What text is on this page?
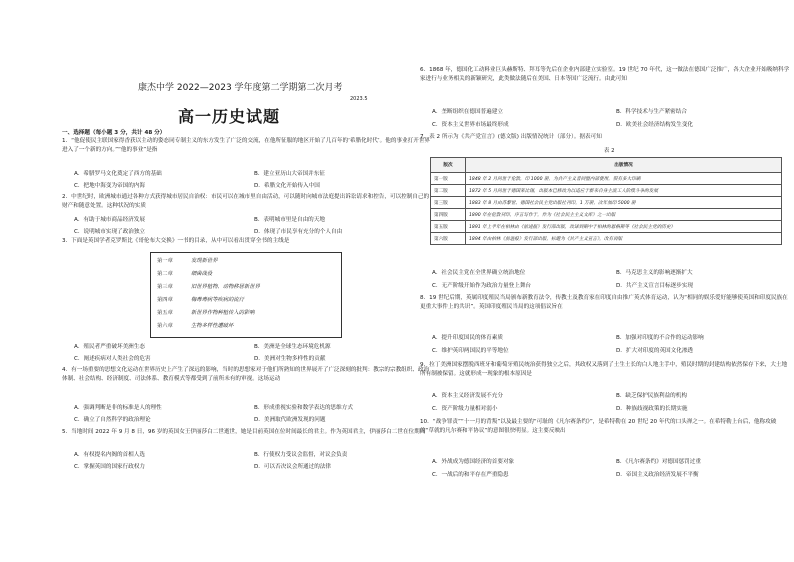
康杰中学 2022—2023 学年度第二学期第二次月考
高一历史试题
2023.5
一、选择题（每小题 3 分，共计 48 分）
1．“他促使民主联国家得香获以主动的姿态同专制主义的东方发生了广泛的交流，在他所征服的地区开始了几百年的‘希腊化时代’。他的事业打开世界进入了一个新的方向。”“他的事业”是指
A．希腊罗马文化奠定了西方的基础	B．建立亚历山大帝国并东征
C．把地中海变为帝国的内海	D．希腊文化开始传入中国
2．中世纪时，欧洲城市通过各种方式获得城市居民自治权：市民可以在城市里自由活动，可以随时向城市法庭提出诉讼请求和控告，可以控制自己的财产和随意处置。这种状况的实质
A．有助于城市商品经济发展	B．表明城市里是自由的天地
C．说明城市实现了政治独立	D．体现了市民享有充分的个人自由
3．下面是英国学者克罗斯比《哥伦布大交换》一书的目录，从中可以看出贯穿全书的主线是
第一章	发现新世界
第二章	细菌战役
第三章	旧世界植物、动物移居新世界
第四章	梅毒毒病等疾病的流行
第五章	新世界作物种植传入的影响
第六章	生物多样性遭破坏
A．殖民者严重破坏美洲生态	B．美洲是全球生态环境危机源
C．阐述疾病对人类社会的危害	D．美洲对生物多样性的贡献
4．有一场重要的思想文化运动在世界历史上产生了深远的影响，当时的思想家对于他们所熟知的世界展开了广泛深刻的批判：教宗的宗教组织、政治体制、社会结构、经济制度、司法体系、教育模式等都受到了前所未有的审视。这场运动
A．强调判断是非的标准是人的理性	B．形成重视实验和数学表达的思维方式
C．确立了自然科学的政治理论	D．美洲取代欧洲发现的问题
5．当地时间 2022 年 9 月 8 日，96 岁的英国女王伊丽莎白二世逝世，她是目前英国在位时间最长的君主。作为英国君主，伊丽莎白二世在位期间
A．有权提名内阁的首相人选	B．行使权力受议会监督，对议会负责
C．掌握英国的国家行政权力	D．可以否决议会所通过的法律
6．1868 年，德国化工动料业巨头赫斯特、拜耳等先后在企业内部建立实验室。19 世纪 70 年代，这一做法在德国广泛推广，各大企业开始吸纳科学家进行与业务相关的新颖研究，此类做法随后在美国、日本等国广泛流行。由此可知
A．垄断组织在德国普遍建立	B．科学技术与生产紧密结合
C．资本主义世界市场最终形成	D．欧美社会经济结构发生变化
7．表 2 所示为《共产党宣言》(德文版) 出版情况统计（部分）。据表可知
表 2
版次	出版情况
第一版	1848 年 2 月问世于伦敦，印 1000 册，为共产主义者同盟内部使用，很有多大印刷
第二版	1872 年 5 月问世于德国莱比锡，出版本已修改为以适应于新来自身主流工人阶级斗争的发展
第三版	1883 年 8 月由苏黎世、德国社会民主党出版社刊印，1 万册，次年加印 5000 册
第四版	1890 年在伦敦刊印，序言写作于，作为《社会民主主义文库》之一出版
第五版	1891 年上半年在柏林由《前进报》发行部出版，改译到期中于柏林的恩格斯等《社会民主党的历史》
第六版	1894 年由柏林《前进报》发行部出版，标题为《共产主义宣言》，改有再版
A．社会民主党在全世界确立统治地位	B．马克思主义的影响逐渐扩大
C．无产阶级开始作为政治力量登上舞台	D．共产主义宣言目标逐步实现
8．19 世纪后期，英属印度殖民当局颁布新教育法令，传教士及教育家在印度自由推广英式体育运动，认为“相同的娱乐爱好能够使英国和印度民族在更重大事件上的共识”。英国印度殖民当局的这项倡议旨在
A．提升印度国民的体育素质	B．加强对印度的不合作的运动影响
C．维护英印两国民的平等地位	D．扩大对印度的英国文化渗透
9．拉丁美洲国家摆脱西班牙和葡萄牙殖民统治获得独立之后，其政权又落到了土生土长的白人地主手中，殖民时期的封建结构依然保存下来，大土地所有制被保留。这就形成一现象的根本原因是
A．资本主义经济发展不充分	B．缺乏保护民族利益的机构
C．资产阶级力量相对弱小	D．种族歧视政策的长期实施
10．“战争罪责”“十一月的背叛”以及最主要的“可耻的《凡尔赛条约》”，是希特勒在 20 世纪 20 年代的口头禅之一。在希特勒上台后，他称攻破的“草就的凡尔赛和平协议”的意图很快明显。这主要反映出
A．外战成为德国经济的首要对象	B．《凡尔赛条约》对德国惩罚过重
C．一战后的和平存在严重隐患	D．帝国主义政治经济发展不平衡
